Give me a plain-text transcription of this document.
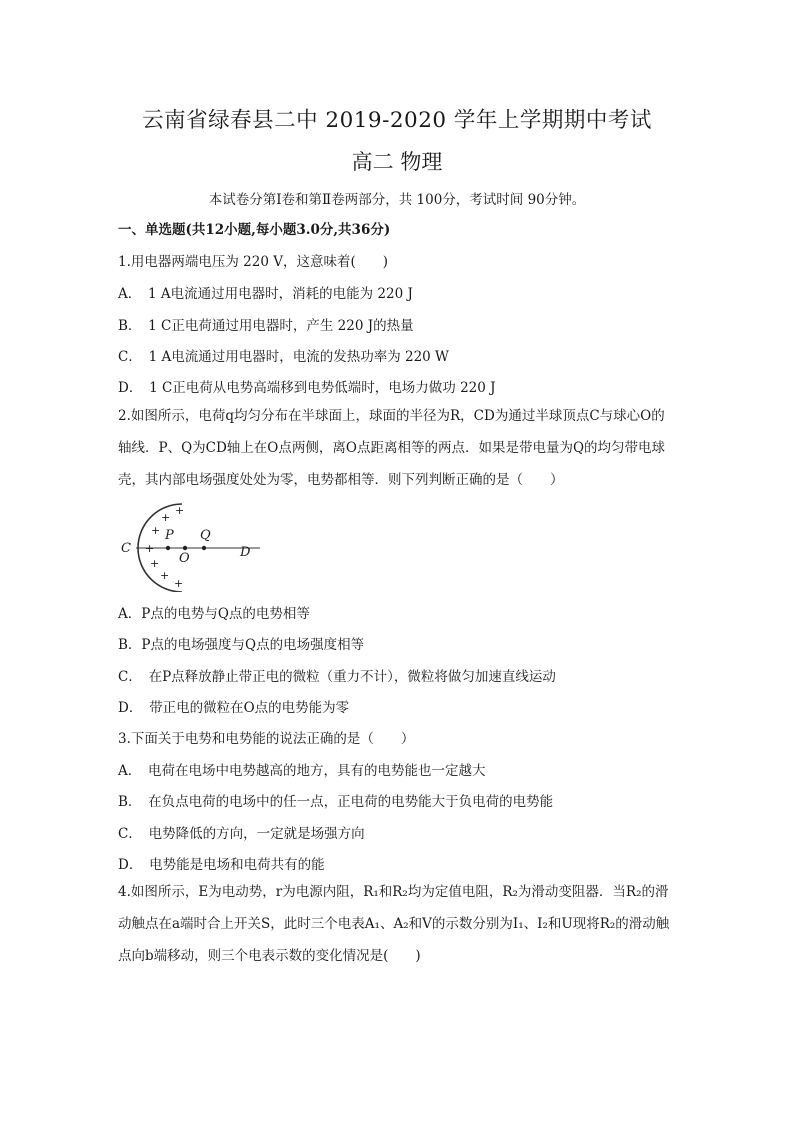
云南省绿春县二中 2019-2020 学年上学期期中考试
高二 物理
本试卷分第Ⅰ卷和第Ⅱ卷两部分，共 100分，考试时间 90分钟。
一、单选题(共12小题,每小题3.0分,共36分)
1.用电器两端电压为 220 V，这意味着(　　)
A．　1 A电流通过用电器时，消耗的电能为 220 J
B．　1 C正电荷通过用电器时，产生 220 J的热量
C．　1 A电流通过用电器时，电流的发热功率为 220 W
D．　1 C正电荷从电势高端移到电势低端时，电场力做功 220 J
2.如图所示，电荷q均匀分布在半球面上，球面的半径为R，CD为通过半球顶点C与球心O的轴线．P、Q为CD轴上在O点两侧，离O点距离相等的两点．如果是带电量为Q的均匀带电球壳，其内部电场强度处处为零，电势都相等．则下列判断正确的是（　　）
C	D
O
P Q
+
+
+
+
+
+
+
A．P点的电势与Q点的电势相等
B．P点的电场强度与Q点的电场强度相等
C．　在P点释放静止带正电的微粒（重力不计），微粒将做匀加速直线运动
D．　带正电的微粒在O点的电势能为零
3.下面关于电势和电势能的说法正确的是（　　）
A．　电荷在电场中电势越高的地方，具有的电势能也一定越大
B．　在负点电荷的电场中的任一点，正电荷的电势能大于负电荷的电势能
C．　电势降低的方向，一定就是场强方向
D．　电势能是电场和电荷共有的能
4.如图所示，E为电动势，r为电源内阻，R₁和R₂均为定值电阻，R₂为滑动变阻器．当R₂的滑动触点在a端时合上开关S，此时三个电表A₁、A₂和V的示数分别为I₁、I₂和U现将R₂的滑动触点向b端移动，则三个电表示数的变化情况是(　　)
